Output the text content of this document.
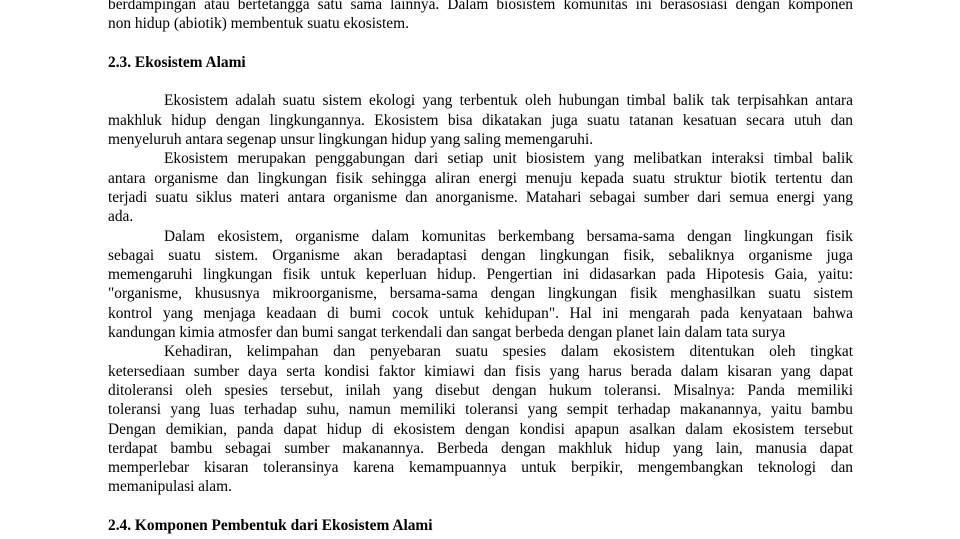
berdampingan atau bertetangga satu sama lainnya. Dalam biosistem komunitas ini berasosiasi dengan komponen
non hidup (abiotik) membentuk suatu ekosistem.
2.3. Ekosistem Alami
Ekosistem adalah suatu sistem ekologi yang terbentuk oleh hubungan timbal balik tak terpisahkan antara
makhluk hidup dengan lingkungannya. Ekosistem bisa dikatakan juga suatu tatanan kesatuan secara utuh dan
menyeluruh antara segenap unsur lingkungan hidup yang saling memengaruhi.
Ekosistem merupakan penggabungan dari setiap unit biosistem yang melibatkan interaksi timbal balik
antara organisme dan lingkungan fisik sehingga aliran energi menuju kepada suatu struktur biotik tertentu dan
terjadi suatu siklus materi antara organisme dan anorganisme. Matahari sebagai sumber dari semua energi yang
ada.
Dalam ekosistem, organisme dalam komunitas berkembang bersama-sama dengan lingkungan fisik
sebagai suatu sistem. Organisme akan beradaptasi dengan lingkungan fisik, sebaliknya organisme juga
memengaruhi lingkungan fisik untuk keperluan hidup. Pengertian ini didasarkan pada Hipotesis Gaia, yaitu:
"organisme, khususnya mikroorganisme, bersama-sama dengan lingkungan fisik menghasilkan suatu sistem
kontrol yang menjaga keadaan di bumi cocok untuk kehidupan". Hal ini mengarah pada kenyataan bahwa
kandungan kimia atmosfer dan bumi sangat terkendali dan sangat berbeda dengan planet lain dalam tata surya
Kehadiran, kelimpahan dan penyebaran suatu spesies dalam ekosistem ditentukan oleh tingkat
ketersediaan sumber daya serta kondisi faktor kimiawi dan fisis yang harus berada dalam kisaran yang dapat
ditoleransi oleh spesies tersebut, inilah yang disebut dengan hukum toleransi. Misalnya: Panda memiliki
toleransi yang luas terhadap suhu, namun memiliki toleransi yang sempit terhadap makanannya, yaitu bambu
Dengan demikian, panda dapat hidup di ekosistem dengan kondisi apapun asalkan dalam ekosistem tersebut
terdapat bambu sebagai sumber makanannya. Berbeda dengan makhluk hidup yang lain, manusia dapat
memperlebar kisaran toleransinya karena kemampuannya untuk berpikir, mengembangkan teknologi dan
memanipulasi alam.
2.4. Komponen Pembentuk dari Ekosistem Alami
